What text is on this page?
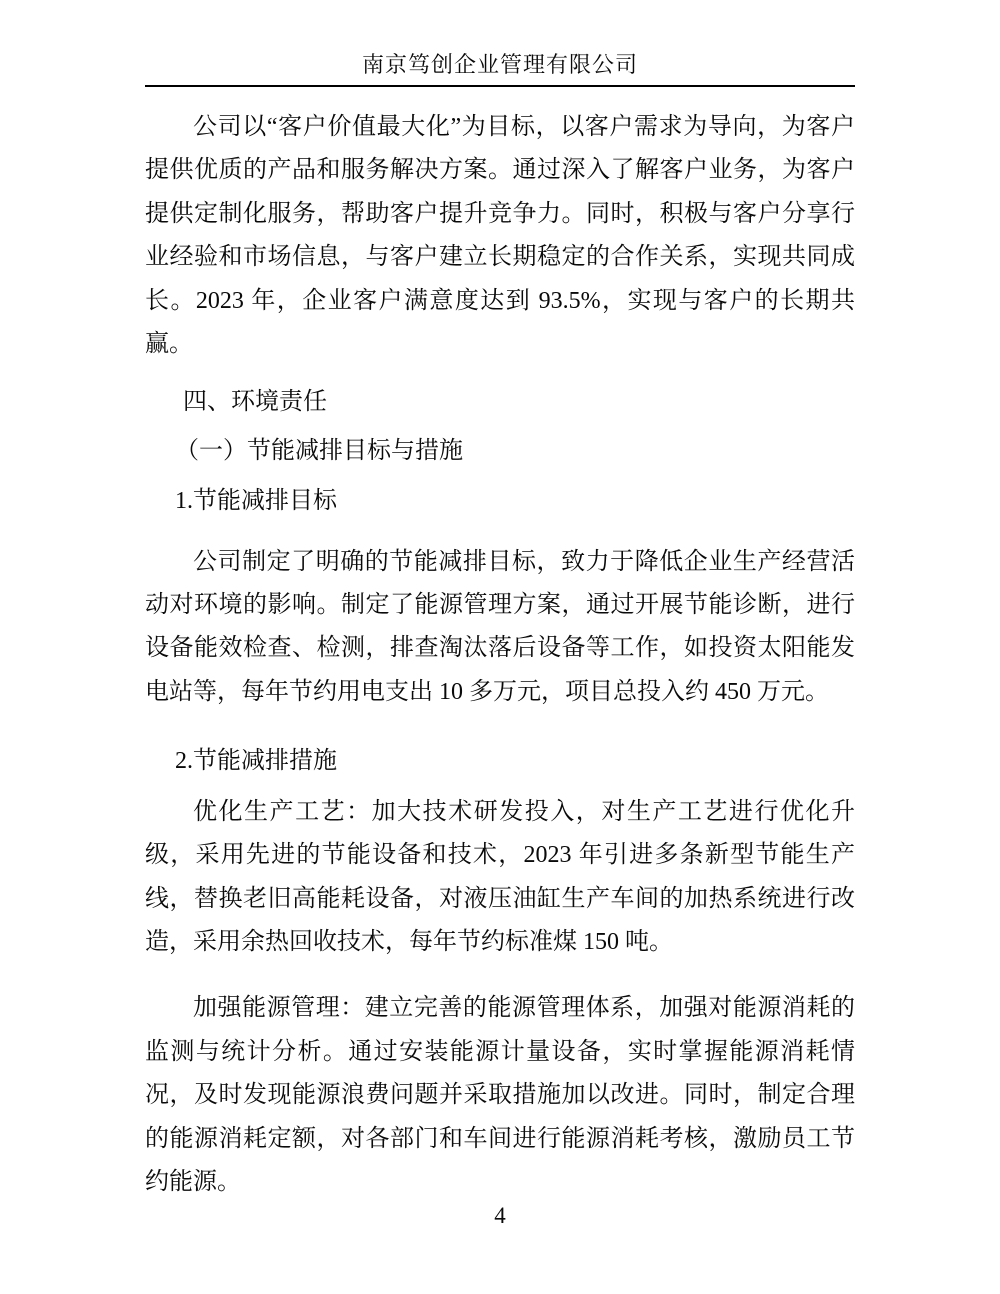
南京笃创企业管理有限公司

公司以“客户价值最大化”为目标，以客户需求为导向，为客户提供优质的产品和服务解决方案。通过深入了解客户业务，为客户提供定制化服务，帮助客户提升竞争力。同时，积极与客户分享行业经验和市场信息，与客户建立长期稳定的合作关系，实现共同成长。2023 年，企业客户满意度达到 93.5%，实现与客户的长期共赢。

四、环境责任

（一）节能减排目标与措施

1.节能减排目标

公司制定了明确的节能减排目标，致力于降低企业生产经营活动对环境的影响。制定了能源管理方案，通过开展节能诊断，进行设备能效检查、检测，排查淘汰落后设备等工作，如投资太阳能发电站等，每年节约用电支出 10 多万元，项目总投入约 450 万元。

2.节能减排措施

优化生产工艺：加大技术研发投入，对生产工艺进行优化升级，采用先进的节能设备和技术，2023 年引进多条新型节能生产线，替换老旧高能耗设备，对液压油缸生产车间的加热系统进行改造，采用余热回收技术，每年节约标准煤 150 吨。

加强能源管理：建立完善的能源管理体系，加强对能源消耗的监测与统计分析。通过安装能源计量设备，实时掌握能源消耗情况，及时发现能源浪费问题并采取措施加以改进。同时，制定合理的能源消耗定额，对各部门和车间进行能源消耗考核，激励员工节约能源。

4
